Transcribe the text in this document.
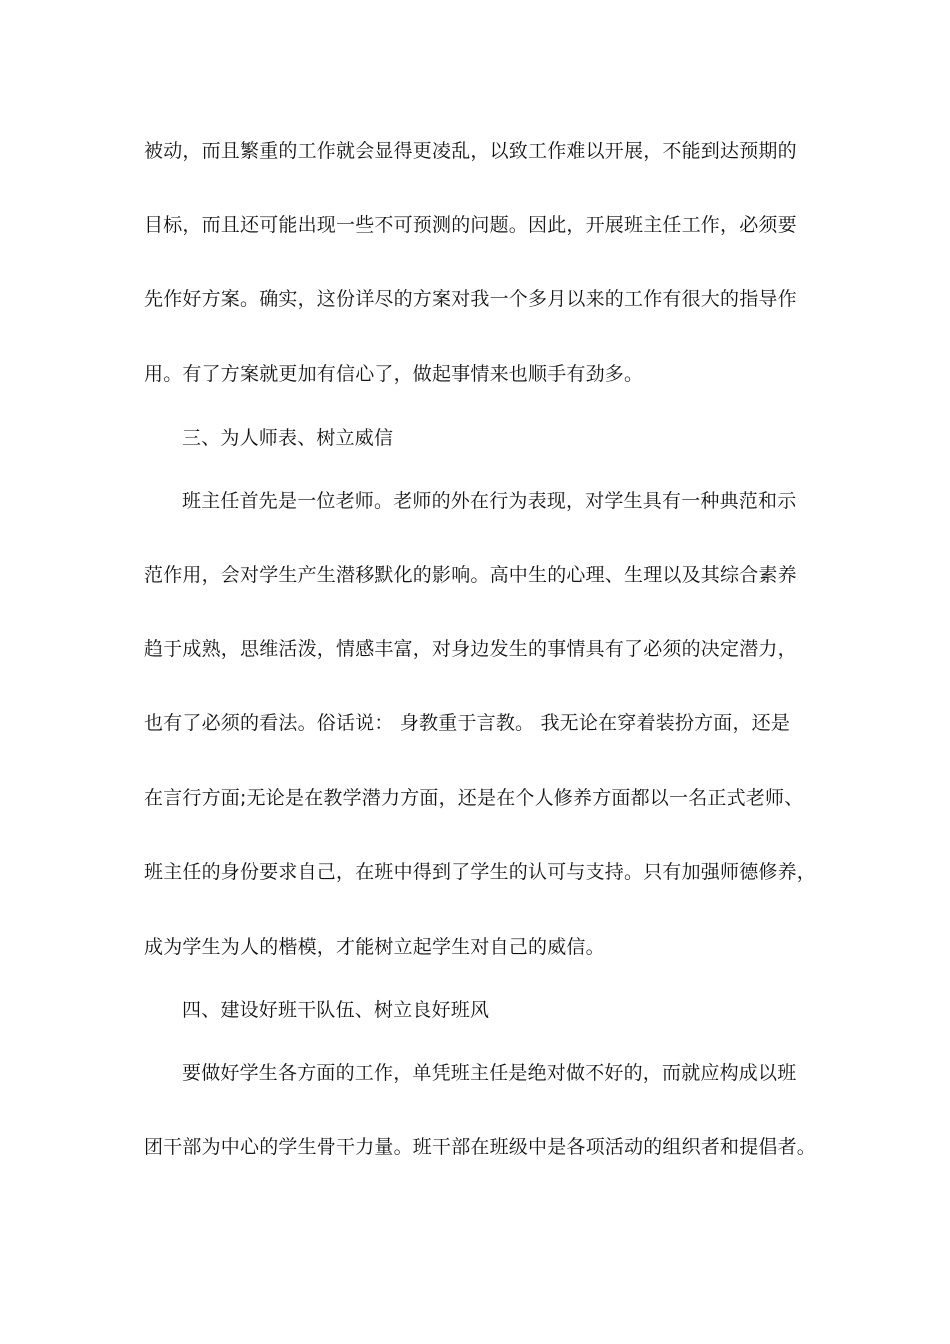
被动，而且繁重的工作就会显得更凌乱，以致工作难以开展，不能到达预期的
目标，而且还可能出现一些不可预测的问题。因此，开展班主任工作，必须要
先作好方案。确实，这份详尽的方案对我一个多月以来的工作有很大的指导作
用。有了方案就更加有信心了，做起事情来也顺手有劲多。
三、为人师表、树立威信
班主任首先是一位老师。老师的外在行为表现，对学生具有一种典范和示
范作用，会对学生产生潜移默化的影响。高中生的心理、生理以及其综合素养
趋于成熟，思维活泼，情感丰富，对身边发生的事情具有了必须的决定潜力，
也有了必须的看法。俗话说： 身教重于言教。 我无论在穿着装扮方面，还是
在言行方面;无论是在教学潜力方面，还是在个人修养方面都以一名正式老师、
班主任的身份要求自己，在班中得到了学生的认可与支持。只有加强师德修养，
成为学生为人的楷模，才能树立起学生对自己的威信。
四、建设好班干队伍、树立良好班风
要做好学生各方面的工作，单凭班主任是绝对做不好的，而就应构成以班
团干部为中心的学生骨干力量。班干部在班级中是各项活动的组织者和提倡者。
